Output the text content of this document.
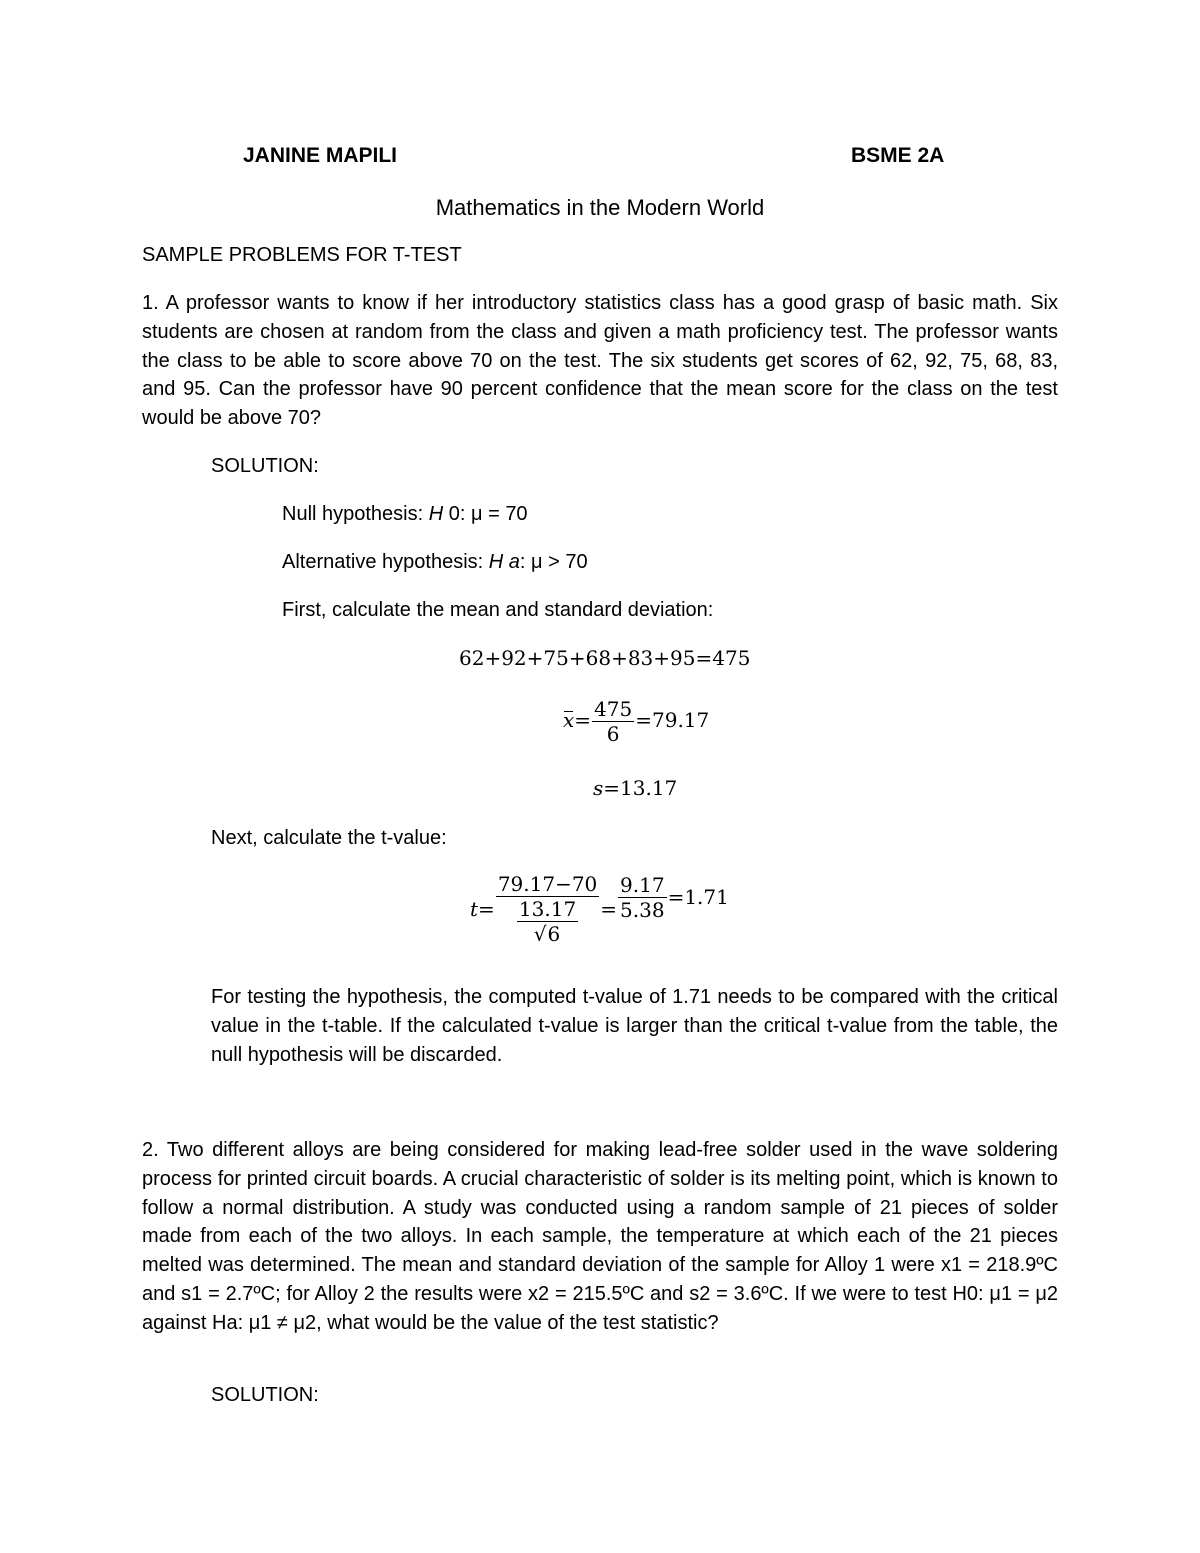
JANINE MAPILI	BSME 2A
Mathematics in the Modern World
SAMPLE PROBLEMS FOR T-TEST
1. A professor wants to know if her introductory statistics class has a good grasp of basic math. Six students are chosen at random from the class and given a math proficiency test. The professor wants the class to be able to score above 70 on the test. The six students get scores of 62, 92, 75, 68, 83, and 95. Can the professor have 90 percent confidence that the mean score for the class on the test would be above 70?
SOLUTION:
Null hypothesis: H 0: μ = 70
Alternative hypothesis: H a: μ > 70
First, calculate the mean and standard deviation:
62+92+75+68+83+95=475
$x= \frac{475}{6} =79.17$
s=13.17
Next, calculate the t-value:
$t= \frac{79.17-70}{\frac{13.17}{√6}} = \frac{9.17}{5.38} =1.71$
For testing the hypothesis, the computed t-value of 1.71 needs to be compared with the critical value in the t-table. If the calculated t-value is larger than the critical t-value from the table, the null hypothesis will be discarded.
2. Two different alloys are being considered for making lead-free solder used in the wave soldering process for printed circuit boards. A crucial characteristic of solder is its melting point, which is known to follow a normal distribution. A study was conducted using a random sample of 21 pieces of solder made from each of the two alloys. In each sample, the temperature at which each of the 21 pieces melted was determined. The mean and standard deviation of the sample for Alloy 1 were x1 = 218.9ºC and s1 = 2.7ºC; for Alloy 2 the results were x2 = 215.5ºC and s2 = 3.6ºC. If we were to test H0: μ1 = μ2 against Ha: μ1 ≠ μ2, what would be the value of the test statistic?
SOLUTION:
